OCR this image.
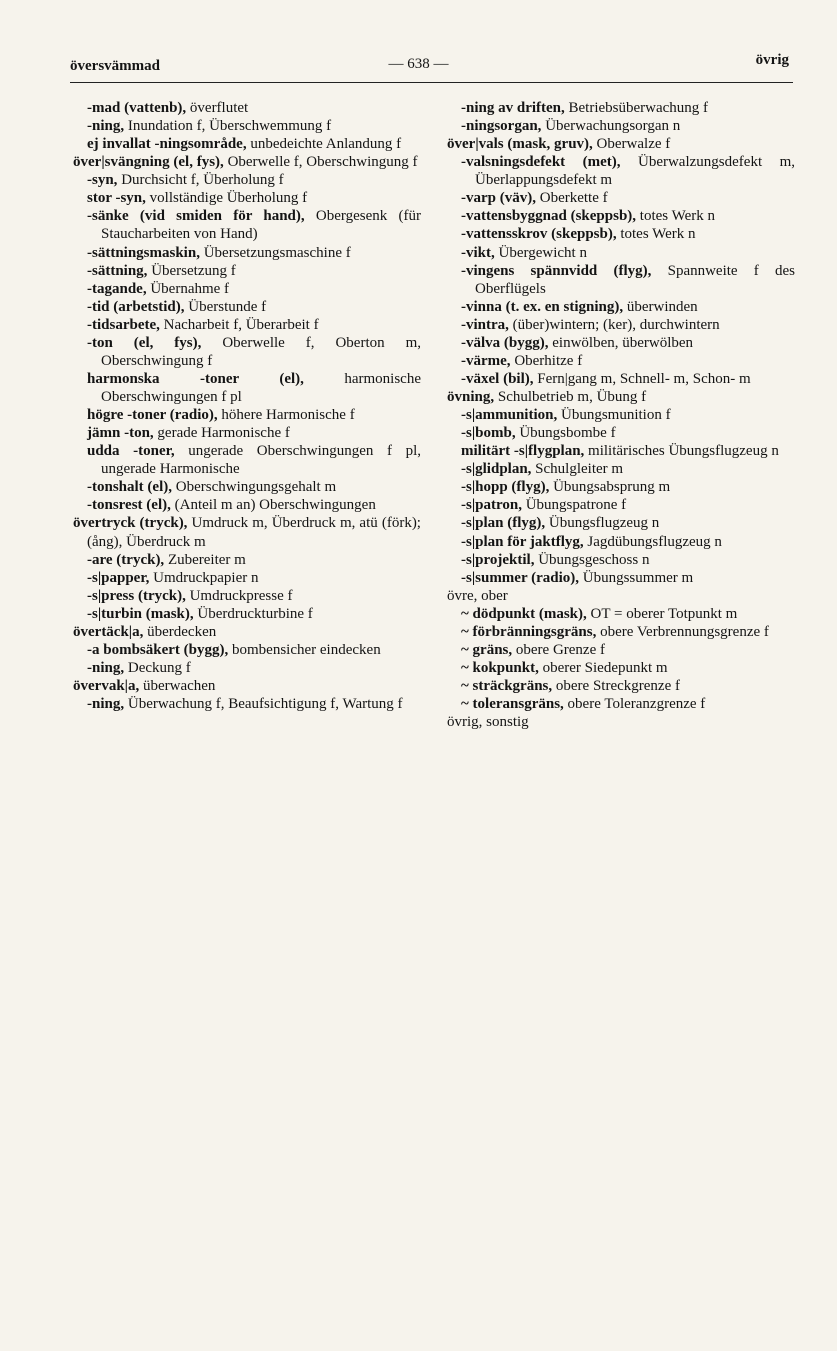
översvämmad	— 638 —	övrig

-mad (vattenb), överflutet

-ning, Inundation f, Überschwemmung f

ej invallat -ningsområde, unbedeichte Anlandung f

över|svängning (el, fys), Oberwelle f, Oberschwingung f

-syn, Durchsicht f, Überholung f

stor -syn, vollständige Überholung f

-sänke (vid smiden för hand), Obergesenk (für Staucharbeiten von Hand)

-sättningsmaskin, Übersetzungsmaschine f

-sättning, Übersetzung f

-tagande, Übernahme f

-tid (arbetstid), Überstunde f

-tidsarbete, Nacharbeit f, Überarbeit f

-ton (el, fys), Oberwelle f, Oberton m, Oberschwingung f

harmonska -toner (el), harmonische Oberschwingungen f pl

högre -toner (radio), höhere Harmonische f

jämn -ton, gerade Harmonische f

udda -toner, ungerade Oberschwingungen f pl, ungerade Harmonische

-tonshalt (el), Oberschwingungsgehalt m

-tonsrest (el), (Anteil m an) Oberschwingungen

övertryck (tryck), Umdruck m, Überdruck m, atü (förk); (ång), Überdruck m

-are (tryck), Zubereiter m

-s|papper, Umdruckpapier n

-s|press (tryck), Umdruckpresse f

-s|turbin (mask), Überdruckturbine f

övertäck|a, überdecken

-a bombsäkert (bygg), bombensicher eindecken

-ning, Deckung f

övervak|a, überwachen

-ning, Überwachung f, Beaufsichtigung f, Wartung f

-ning av driften, Betriebsüberwachung f

-ningsorgan, Überwachungsorgan n

över|vals (mask, gruv), Oberwalze f

-valsningsdefekt (met), Überwalzungsdefekt m, Überlappungsdefekt m

-varp (väv), Oberkette f

-vattensbyggnad (skeppsb), totes Werk n

-vattensskrov (skeppsb), totes Werk n

-vikt, Übergewicht n

-vingens spännvidd (flyg), Spannweite f des Oberflügels

-vinna (t. ex. en stigning), überwinden

-vintra, (über)wintern; (ker), durchwintern

-välva (bygg), einwölben, überwölben

-värme, Oberhitze f

-växel (bil), Fern|gang m, Schnell- m, Schon- m

övning, Schulbetrieb m, Übung f

-s|ammunition, Übungsmunition f

-s|bomb, Übungsbombe f

militärt -s|flygplan, militärisches Übungsflugzeug n

-s|glidplan, Schulgleiter m

-s|hopp (flyg), Übungsabsprung m

-s|patron, Übungspatrone f

-s|plan (flyg), Übungsflugzeug n

-s|plan för jaktflyg, Jagdübungsflugzeug n

-s|projektil, Übungsgeschoss n

-s|summer (radio), Übungssummer m

övre, ober

~ dödpunkt (mask), OT = oberer Totpunkt m

~ förbränningsgräns, obere Verbrennungsgrenze f

~ gräns, obere Grenze f

~ kokpunkt, oberer Siedepunkt m

~ sträckgräns, obere Streckgrenze f

~ toleransgräns, obere Toleranzgrenze f

övrig, sonstig
